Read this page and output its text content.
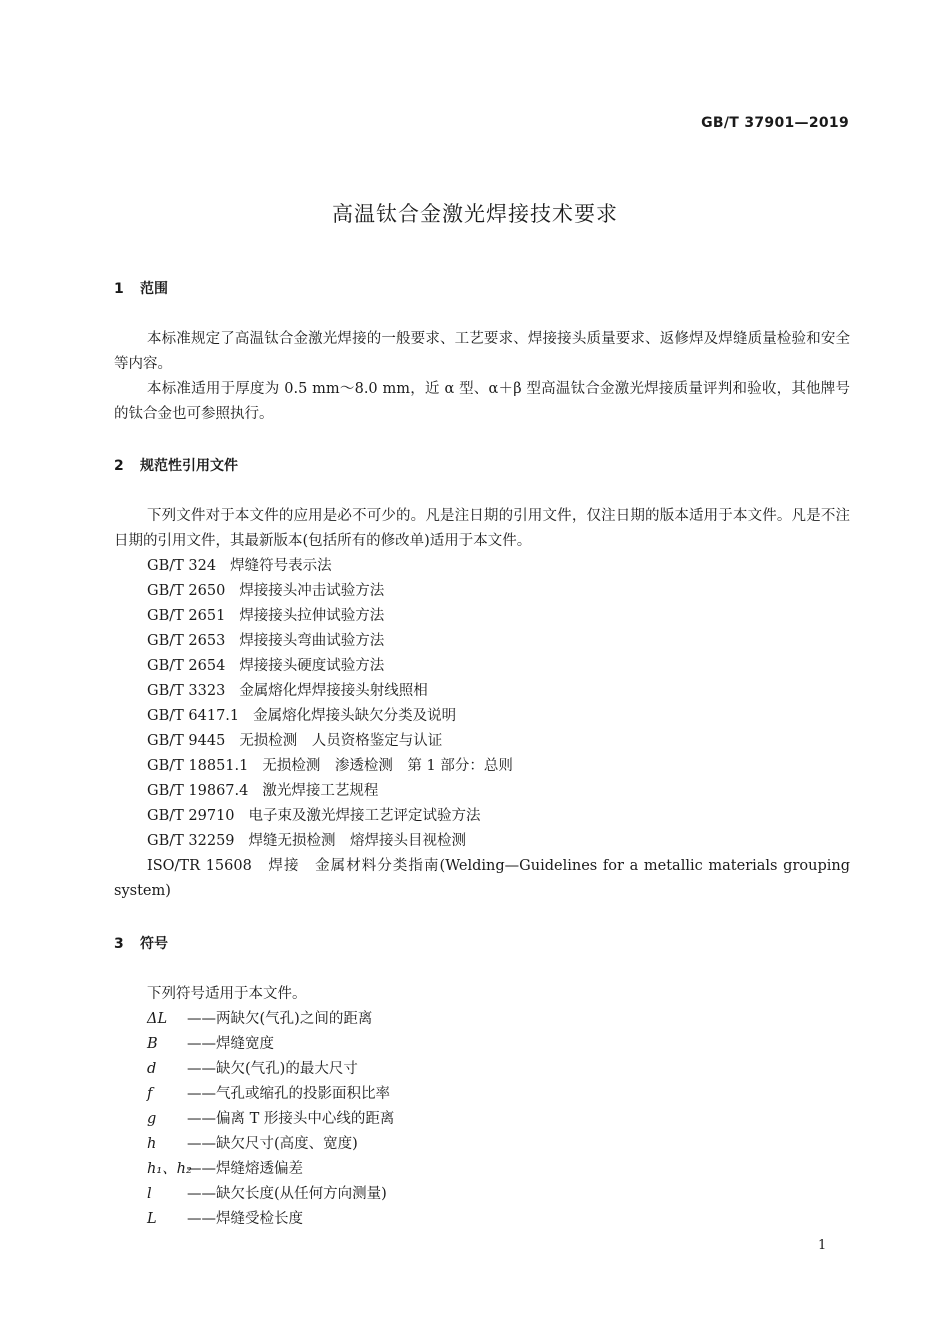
GB/T 37901—2019
高温钛合金激光焊接技术要求
1 范围
本标准规定了高温钛合金激光焊接的一般要求、工艺要求、焊接接头质量要求、返修焊及焊缝质量检验和安全等内容。
本标准适用于厚度为 0.5 mm～8.0 mm，近 α 型、α＋β 型高温钛合金激光焊接质量评判和验收，其他牌号的钛合金也可参照执行。
2 规范性引用文件
下列文件对于本文件的应用是必不可少的。凡是注日期的引用文件，仅注日期的版本适用于本文件。凡是不注日期的引用文件，其最新版本(包括所有的修改单)适用于本文件。
GB/T 324 焊缝符号表示法
GB/T 2650 焊接接头冲击试验方法
GB/T 2651 焊接接头拉伸试验方法
GB/T 2653 焊接接头弯曲试验方法
GB/T 2654 焊接接头硬度试验方法
GB/T 3323 金属熔化焊焊接接头射线照相
GB/T 6417.1 金属熔化焊接头缺欠分类及说明
GB/T 9445 无损检测　人员资格鉴定与认证
GB/T 18851.1 无损检测　渗透检测　第 1 部分：总则
GB/T 19867.4 激光焊接工艺规程
GB/T 29710 电子束及激光焊接工艺评定试验方法
GB/T 32259 焊缝无损检测　熔焊接头目视检测
ISO/TR 15608　焊接　金属材料分类指南(Welding—Guidelines for a metallic materials grouping system)
3 符号
下列符号适用于本文件。
ΔL ——两缺欠(气孔)之间的距离
B ——焊缝宽度
d ——缺欠(气孔)的最大尺寸
f ——气孔或缩孔的投影面积比率
g ——偏离 T 形接头中心线的距离
h ——缺欠尺寸(高度、宽度)
h₁、h₂——焊缝熔透偏差
l ——缺欠长度(从任何方向测量)
L ——焊缝受检长度
1
